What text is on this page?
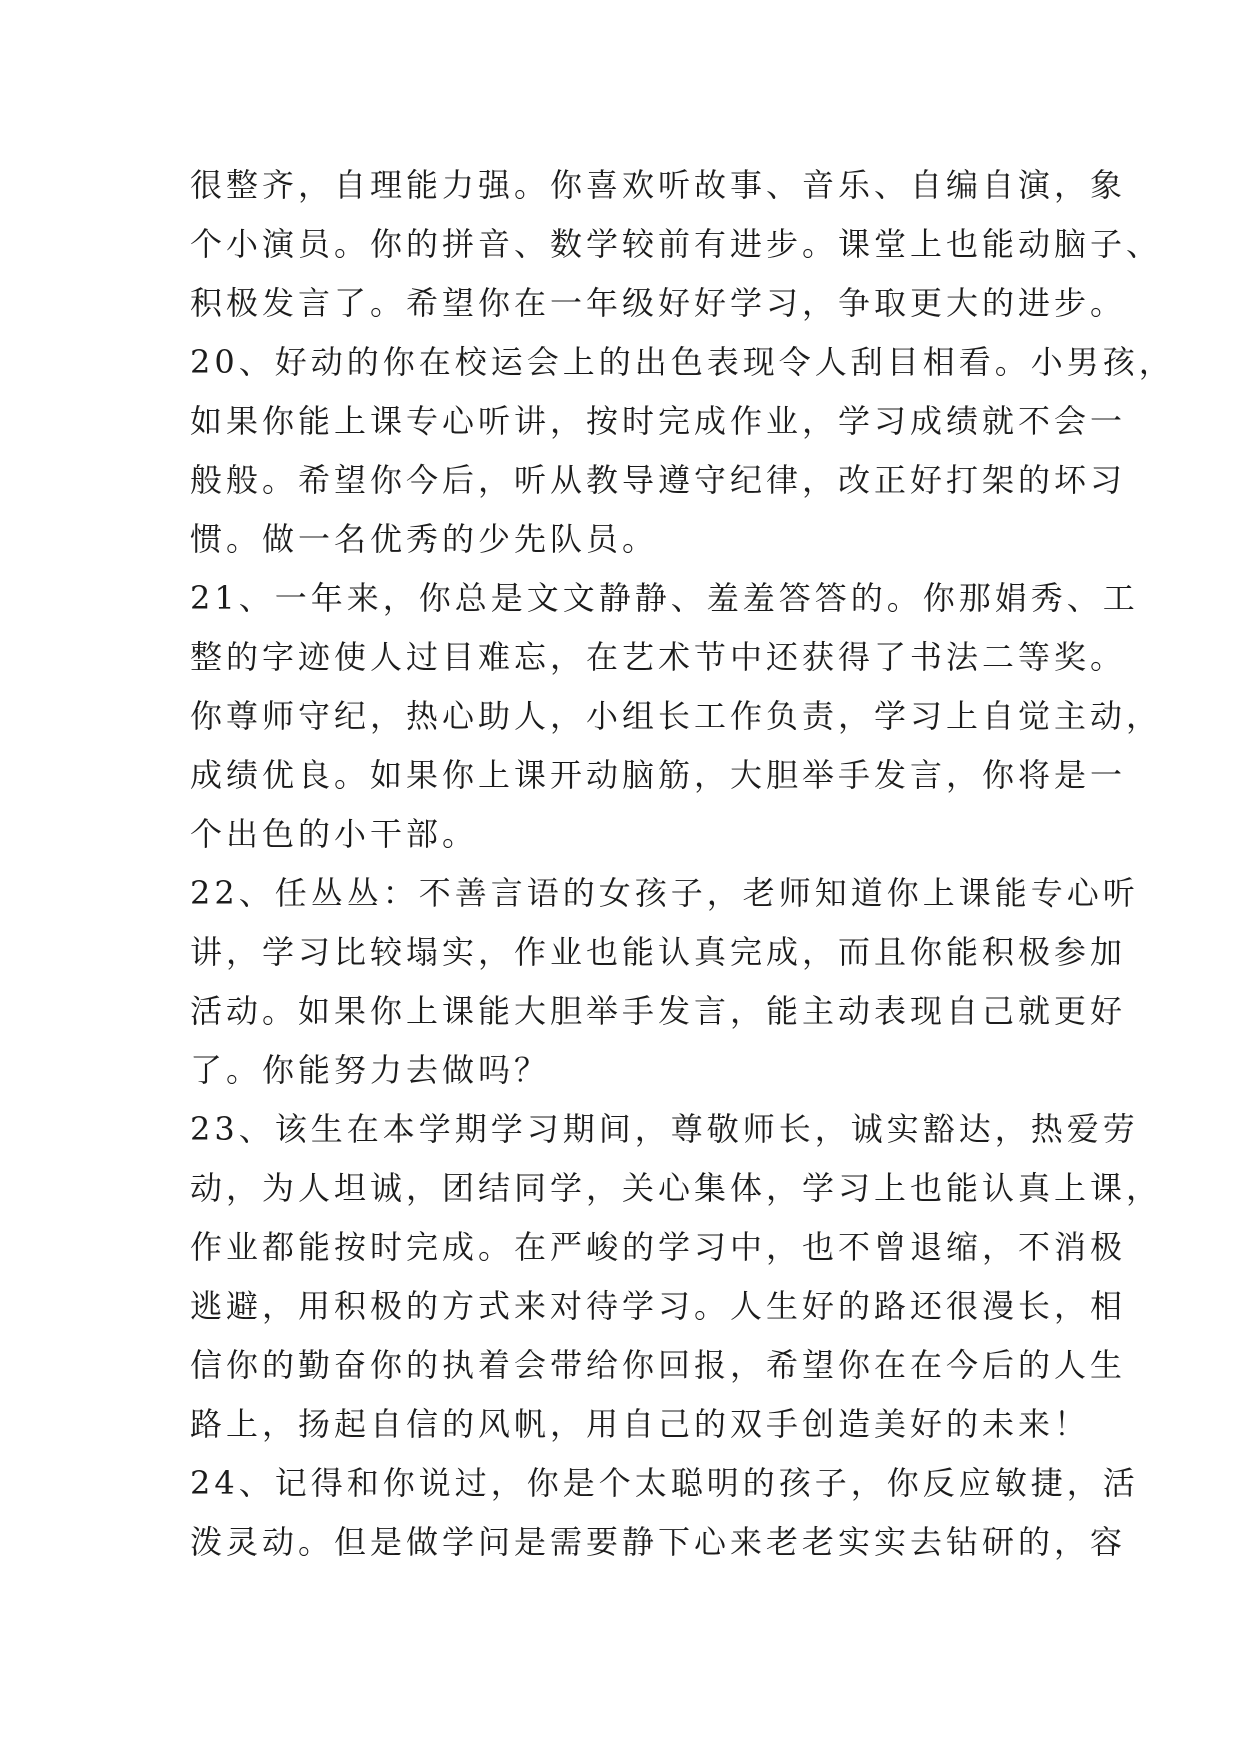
很整齐，自理能力强。你喜欢听故事、音乐、自编自演，象
个小演员。你的拼音、数学较前有进步。课堂上也能动脑子、
积极发言了。希望你在一年级好好学习，争取更大的进步。
20、好动的你在校运会上的出色表现令人刮目相看。小男孩，
如果你能上课专心听讲，按时完成作业，学习成绩就不会一
般般。希望你今后，听从教导遵守纪律，改正好打架的坏习
惯。做一名优秀的少先队员。
21、一年来，你总是文文静静、羞羞答答的。你那娟秀、工
整的字迹使人过目难忘，在艺术节中还获得了书法二等奖。
你尊师守纪，热心助人，小组长工作负责，学习上自觉主动，
成绩优良。如果你上课开动脑筋，大胆举手发言，你将是一
个出色的小干部。
22、任丛丛：不善言语的女孩子，老师知道你上课能专心听
讲，学习比较塌实，作业也能认真完成，而且你能积极参加
活动。如果你上课能大胆举手发言，能主动表现自己就更好
了。你能努力去做吗？
23、该生在本学期学习期间，尊敬师长，诚实豁达，热爱劳
动，为人坦诚，团结同学，关心集体，学习上也能认真上课，
作业都能按时完成。在严峻的学习中，也不曾退缩，不消极
逃避，用积极的方式来对待学习。人生好的路还很漫长，相
信你的勤奋你的执着会带给你回报，希望你在在今后的人生
路上，扬起自信的风帆，用自己的双手创造美好的未来！
24、记得和你说过，你是个太聪明的孩子，你反应敏捷，活
泼灵动。但是做学问是需要静下心来老老实实去钻研的，容
